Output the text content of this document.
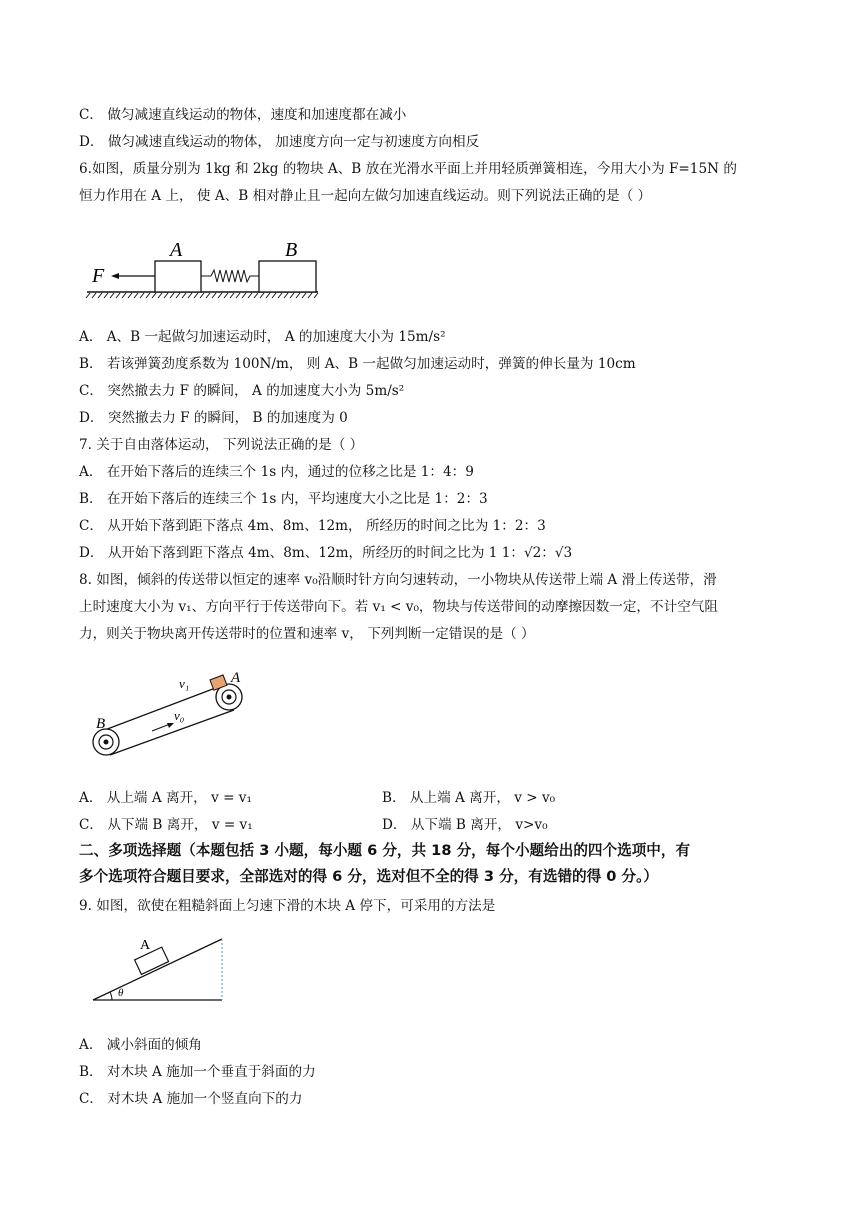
C． 做匀减速直线运动的物体，速度和加速度都在减小
D． 做匀减速直线运动的物体， 加速度方向一定与初速度方向相反
6.如图，质量分别为 1kg 和 2kg 的物块 A、B 放在光滑水平面上并用轻质弹簧相连，今用大小为 F=15N 的
恒力作用在 A 上， 使 A、B 相对静止且一起向左做匀加速直线运动。则下列说法正确的是（ ）
F
A	B
A． A、B 一起做匀加速运动时， A 的加速度大小为 15m/s²
B． 若该弹簧劲度系数为 100N/m， 则 A、B 一起做匀加速运动时，弹簧的伸长量为 10cm
C． 突然撤去力 F 的瞬间， A 的加速度大小为 5m/s²
D． 突然撤去力 F 的瞬间， B 的加速度为 0
7. 关于自由落体运动， 下列说法正确的是（ ）
A． 在开始下落后的连续三个 1s 内，通过的位移之比是 1：4：9
B． 在开始下落后的连续三个 1s 内，平均速度大小之比是 1：2：3
C． 从开始下落到距下落点 4m、8m、12m， 所经历的时间之比为 1：2：3
D． 从开始下落到距下落点 4m、8m、12m，所经历的时间之比为 1 1：√2：√3
8. 如图，倾斜的传送带以恒定的速率 v₀沿顺时针方向匀速转动，一小物块从传送带上端 A 滑上传送带，滑
上时速度大小为 v₁、方向平行于传送带向下。若 v₁ < v₀，物块与传送带间的动摩擦因数一定，不计空气阻
力，则关于物块离开传送带时的位置和速率 v， 下列判断一定错误的是（ ）
v₀
v₁	A
B
A． 从上端 A 离开， v = v₁	B． 从上端 A 离开， v > v₀
C． 从下端 B 离开， v = v₁	D． 从下端 B 离开， v>v₀
二、多项选择题（本题包括 3 小题，每小题 6 分，共 18 分，每个小题给出的四个选项中，有
多个选项符合题目要求，全部选对的得 6 分，选对但不全的得 3 分，有选错的得 0 分。）
9. 如图，欲使在粗糙斜面上匀速下滑的木块 A 停下，可采用的方法是
θ
A
A． 减小斜面的倾角
B． 对木块 A 施加一个垂直于斜面的力
C． 对木块 A 施加一个竖直向下的力
